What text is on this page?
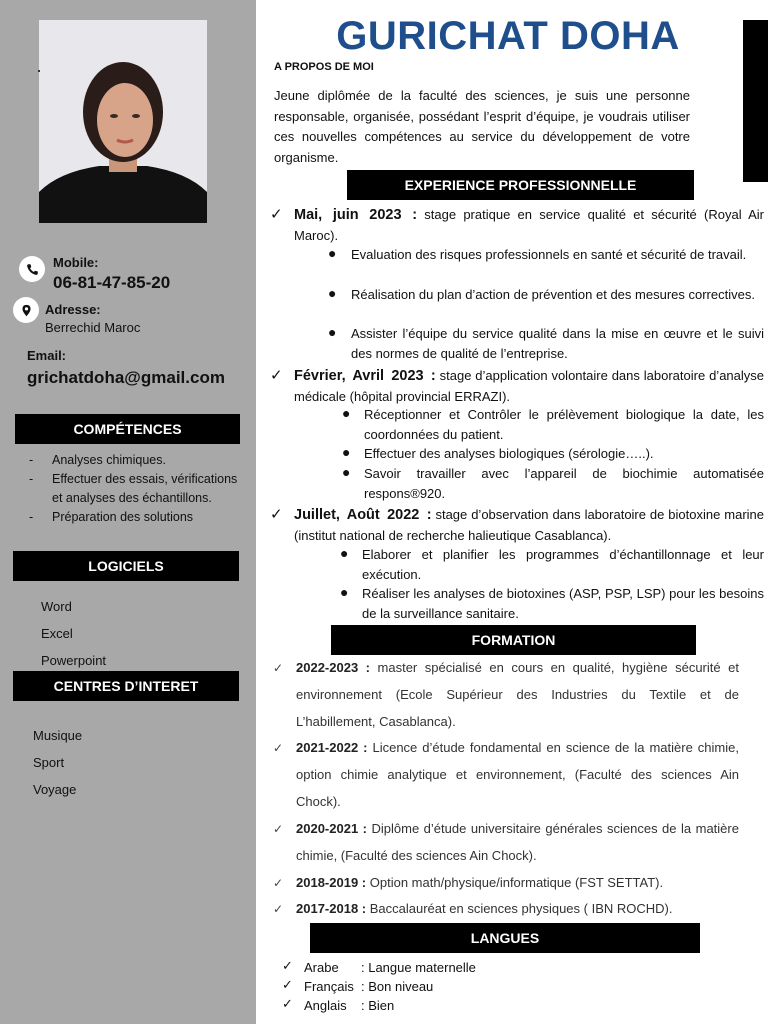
Mobile:
06-81-47-85-20
Adresse:
Berrechid Maroc
Email:
grichatdoha@gmail.com
COMPÉTENCES
- Analyses chimiques.
- Effectuer des essais, vérifications et analyses des échantillons.
- Préparation des solutions
LOGICIELS
Word
Excel
Powerpoint
CENTRES D’INTERET
Musique
Sport
Voyage
GURICHAT DOHA
A PROPOS DE MOI
Jeune diplômée de la faculté des sciences, je suis une personne responsable, organisée, possédant l’esprit d’équipe, je voudrais utiliser ces nouvelles compétences au service du développement de votre organisme.
EXPERIENCE PROFESSIONNELLE
✓ Mai, juin 2023 : stage pratique en service qualité et sécurité (Royal Air Maroc).
● Evaluation des risques professionnels en santé et sécurité de travail.
● Réalisation du plan d’action de prévention et des mesures correctives.
● Assister l’équipe du service qualité dans la mise en œuvre et le suivi des normes de qualité de l’entreprise.
✓ Février, Avril 2023 : stage d’application volontaire dans laboratoire d’analyse médicale (hôpital provincial ERRAZI).
● Réceptionner et Contrôler le prélèvement biologique la date, les coordonnées du patient.
● Effectuer des analyses biologiques (sérologie…..).
● Savoir travailler avec l’appareil de biochimie automatisée respons®920.
✓ Juillet, Août 2022 : stage d’observation dans laboratoire de biotoxine marine (institut national de recherche halieutique Casablanca).
● Elaborer et planifier les programmes d’échantillonnage et leur exécution.
● Réaliser les analyses de biotoxines (ASP, PSP, LSP) pour les besoins de la surveillance sanitaire.
FORMATION
✓ 2022-2023 : master spécialisé en cours en qualité, hygiène sécurité et environnement (Ecole Supérieur des Industries du Textile et de L’habillement, Casablanca).
✓ 2021-2022 : Licence d’étude fondamental en science de la matière chimie, option chimie analytique et environnement, (Faculté des sciences Ain Chock).
✓ 2020-2021 : Diplôme d’étude universitaire générales sciences de la matière chimie, (Faculté des sciences Ain Chock).
✓ 2018-2019 : Option math/physique/informatique (FST SETTAT).
✓ 2017-2018 : Baccalauréat en sciences physiques ( IBN ROCHD).
LANGUES
✓ Arabe : Langue maternelle
✓ Français : Bon niveau
✓ Anglais : Bien
